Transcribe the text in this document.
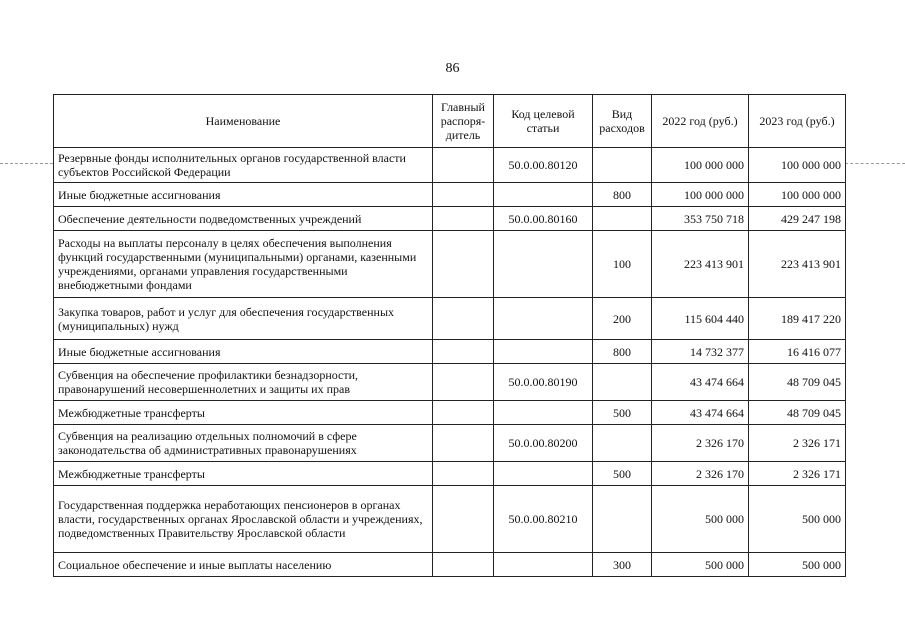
86
Наименование	Главный распоря-дитель	Код целевой статьи	Вид расходов	2022 год (руб.)	2023 год (руб.)
Резервные фонды исполнительных органов государственной власти субъектов Российской Федерации		50.0.00.80120		100 000 000	100 000 000
Иные бюджетные ассигнования			800	100 000 000	100 000 000
Обеспечение деятельности подведомственных учреждений		50.0.00.80160		353 750 718	429 247 198
Расходы на выплаты персоналу в целях обеспечения выполнения функций государственными (муниципальными) органами, казенными учреждениями, органами управления государственными внебюджетными фондами			100	223 413 901	223 413 901
Закупка товаров, работ и услуг для обеспечения государственных (муниципальных) нужд			200	115 604 440	189 417 220
Иные бюджетные ассигнования			800	14 732 377	16 416 077
Субвенция на обеспечение профилактики безнадзорности, правонарушений несовершеннолетних и защиты их прав		50.0.00.80190		43 474 664	48 709 045
Межбюджетные трансферты			500	43 474 664	48 709 045
Субвенция на реализацию отдельных полномочий в сфере законодательства об административных правонарушениях		50.0.00.80200		2 326 170	2 326 171
Межбюджетные трансферты			500	2 326 170	2 326 171
Государственная поддержка неработающих пенсионеров в органах власти, государственных органах Ярославской области и учреждениях, подведомственных Правительству Ярославской области		50.0.00.80210		500 000	500 000
Социальное обеспечение и иные выплаты населению			300	500 000	500 000
